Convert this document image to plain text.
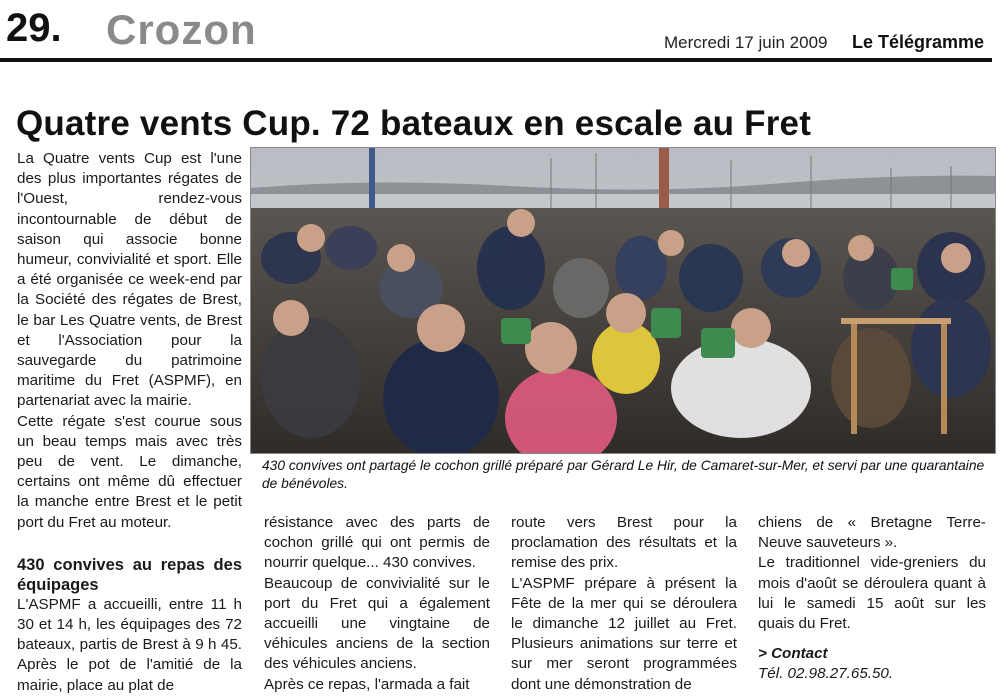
29. Crozon	Mercredi 17 juin 2009 Le Télégramme
Quatre vents Cup. 72 bateaux en escale au Fret

La Quatre vents Cup est l'une des plus importantes régates de l'Ouest, rendez-vous incontournable de début de saison qui associe bonne humeur, convivialité et sport. Elle a été organisée ce week-end par la Société des régates de Brest, le bar Les Quatre vents, de Brest et l'Association pour la sauvegarde du patrimoine maritime du Fret (ASPMF), en partenariat avec la mairie.

Cette régate s'est courue sous un beau temps mais avec très peu de vent. Le dimanche, certains ont même dû effectuer la manche entre Brest et le petit port du Fret au moteur.

430 convives au repas des équipages

L'ASPMF a accueilli, entre 11 h 30 et 14 h, les équipages des 72 bateaux, partis de Brest à 9 h 45. Après le pot de l'amitié de la mairie, place au plat de

430 convives ont partagé le cochon grillé préparé par Gérard Le Hir, de Camaret-sur-Mer, et servi par une quarantaine de bénévoles.

résistance avec des parts de cochon grillé qui ont permis de nourrir quelque... 430 convives.

Beaucoup de convivialité sur le port du Fret qui a également accueilli une vingtaine de véhicules anciens de la section des véhicules anciens.

Après ce repas, l'armada a fait

route vers Brest pour la proclamation des résultats et la remise des prix.

L'ASPMF prépare à présent la Fête de la mer qui se déroulera le dimanche 12 juillet au Fret. Plusieurs animations sur terre et sur mer seront programmées dont une démonstration de

chiens de « Bretagne Terre-Neuve sauveteurs ».

Le traditionnel vide-greniers du mois d'août se déroulera quant à lui le samedi 15 août sur les quais du Fret.

> Contact

Tél. 02.98.27.65.50.
